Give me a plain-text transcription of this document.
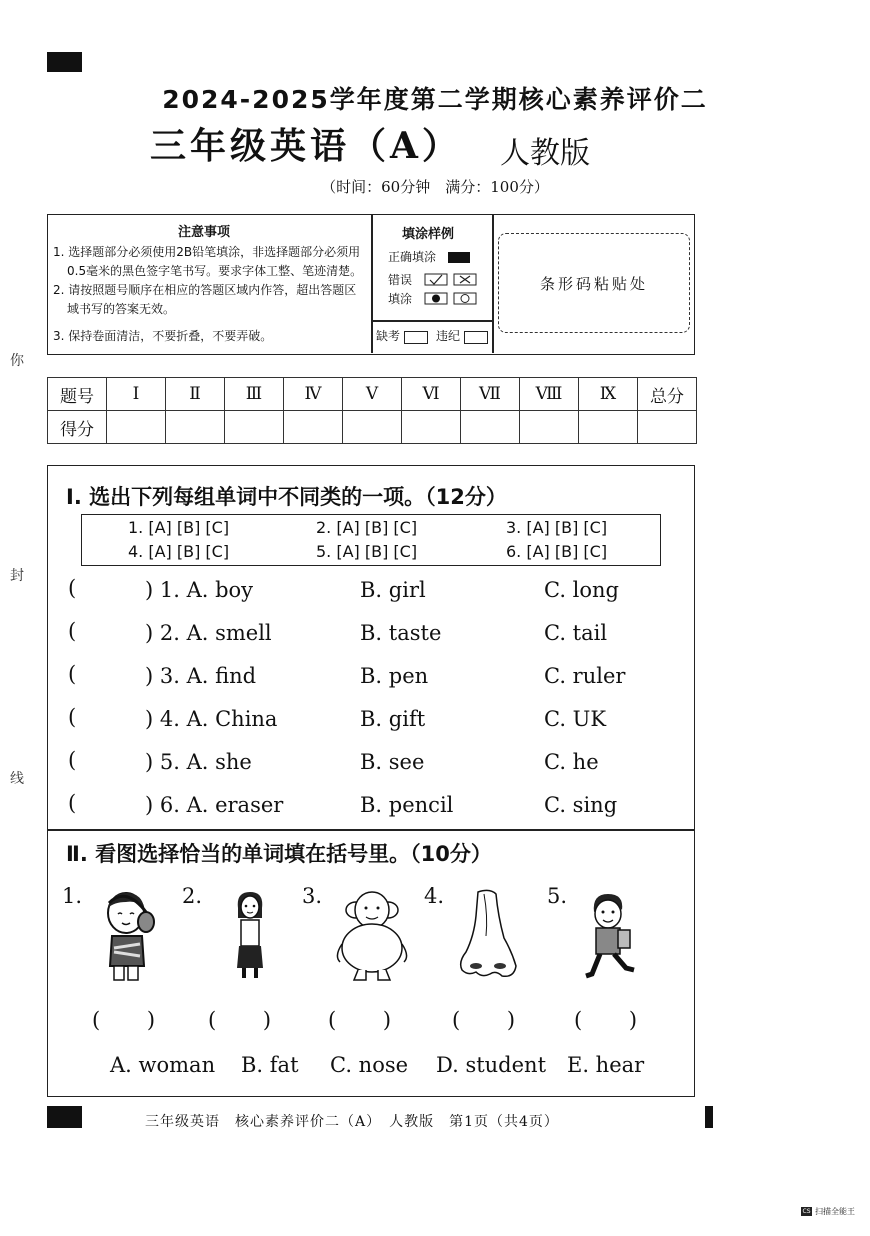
你
封
线
2024-2025学年度第二学期核心素养评价二
三年级英语（A） 人教版
（时间：60分钟　满分：100分）
注意事项
1. 选择题部分必须使用2B铅笔填涂，非选择题部分必须用
0.5毫米的黑色签字笔书写。要求字体工整、笔迹清楚。
2. 请按照题号顺序在相应的答题区域内作答，超出答题区
域书写的答案无效。
3. 保持卷面清洁，不要折叠，不要弄破。
填涂样例
正确填涂
错误
填涂
缺考	违纪
条形码粘贴处
题号	Ⅰ	Ⅱ	Ⅲ	Ⅳ	Ⅴ	Ⅵ	Ⅶ	Ⅷ	Ⅸ	总分
得分										
Ⅰ. 选出下列每组单词中不同类的一项。（12分）
1. [A] [B] [C]	2. [A] [B] [C]	3. [A] [B] [C]
4. [A] [B] [C]	5. [A] [B] [C]	6. [A] [B] [C]
(	) 1. A. boy	B. girl	C. long
(	) 2. A. smell	B. taste	C. tail
(	) 3. A. find	B. pen	C. ruler
(	) 4. A. China	B. gift	C. UK
(	) 5. A. she	B. see	C. he
(	) 6. A. eraser	B. pencil	C. sing
Ⅱ. 看图选择恰当的单词填在括号里。（10分）
1.	2.	3.	4.	5.
(       )	(       )	(       )	(       )	(       )
A. woman B. fat C. nose D. student E. hear
三年级英语　核心素养评价二（A）　人教版　第1页（共4页）
CS 扫描全能王
